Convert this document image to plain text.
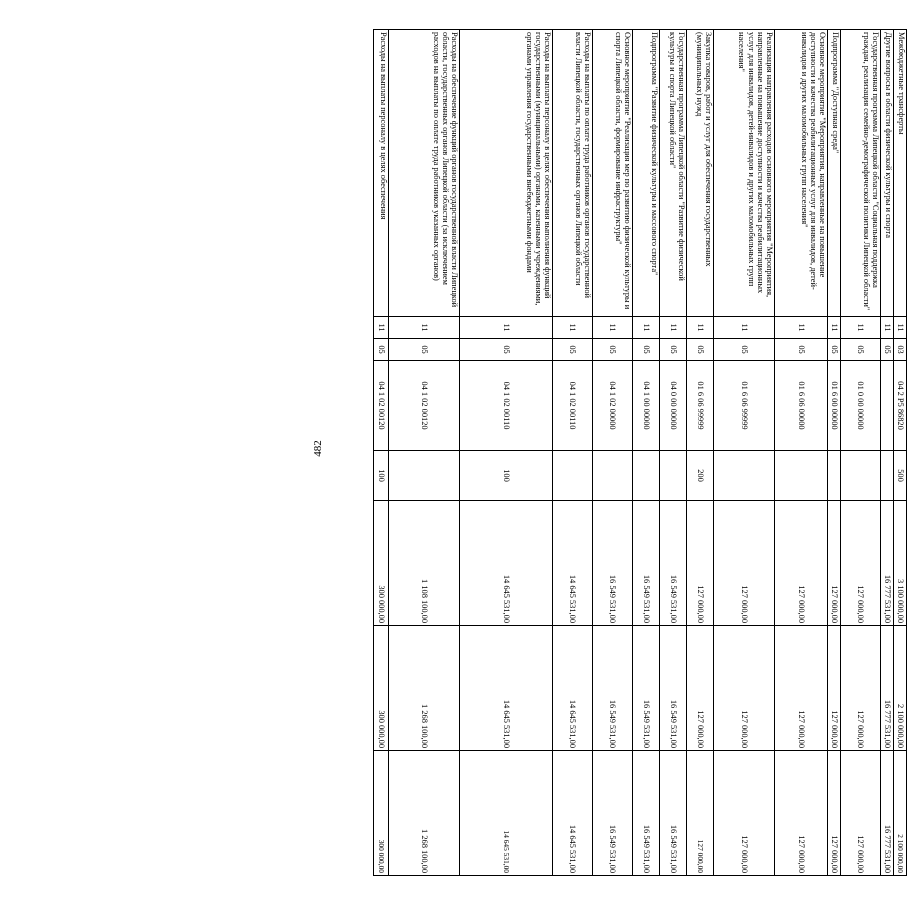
482
Межбюджетные трансферты	11	03	04 2 P5 86820	500	3 100 000,00	2 100 000,00	2 100 000,00
Другие вопросы в области физической культуры и спорта	11	05			16 777 531,00	16 777 531,00	16 777 531,00
Государственная программа Липецкой области "Социальная поддержка граждан, реализация семейно-демографической политики Липецкой области"	11	05	01 0 00 00000		127 000,00	127 000,00	127 000,00
Подпрограмма "Доступная среда"	11	05	01 6 00 00000		127 000,00	127 000,00	127 000,00
Основное мероприятие "Мероприятия, направленные на повышение доступности и качества реабилитационных услуг для инвалидов, детей-инвалидов и других маломобильных групп населения"	11	05	01 6 06 00000		127 000,00	127 000,00	127 000,00
Реализация направления расходов основного мероприятия "Мероприятия, направленные на повышение доступности и качества реабилитационных услуг для инвалидов, детей-инвалидов и других маломобильных групп населения"	11	05	01 6 06 99999		127 000,00	127 000,00	127 000,00
Закупка товаров, работ и услуг для обеспечения государственных (муниципальных) нужд	11	05	01 6 06 99999	200	127 000,00	127 000,00	127 000,00
Государственная программа Липецкой области "Развитие физической культуры и спорта Липецкой области"	11	05	04 0 00 00000		16 549 531,00	16 549 531,00	16 549 531,00
Подпрограмма "Развитие физической культуры и массового спорта"	11	05	04 1 00 00000		16 549 531,00	16 549 531,00	16 549 531,00
Основное мероприятие "Реализация мер по развитию физической культуры и спорта Липецкой области, формирование инфраструктуры"	11	05	04 1 02 00000		16 549 531,00	16 549 531,00	16 549 531,00
Расходы на выплаты по оплате труда работников органов государственной власти Липецкой области, государственных органов Липецкой области	11	05	04 1 02 00110		14 645 531,00	14 645 531,00	14 645 531,00
Расходы на выплаты персоналу в целях обеспечения выполнения функций государственными (муниципальными) органами, казенными учреждениями, органами управления государственными внебюджетными фондами	11	05	04 1 02 00110	100	14 645 531,00	14 645 531,00	14 645 531,00
Расходы на обеспечение функций органов государственной власти Липецкой области, государственных органов Липецкой области (за исключением расходов на выплаты по оплате труда работников указанных органов)	11	05	04 1 02 00120		1 108 100,00	1 268 100,00	1 268 100,00
Расходы на выплаты персоналу в целях обеспечения	11	05	04 1 02 00120	100	300 000,00	300 000,00	300 000,00
